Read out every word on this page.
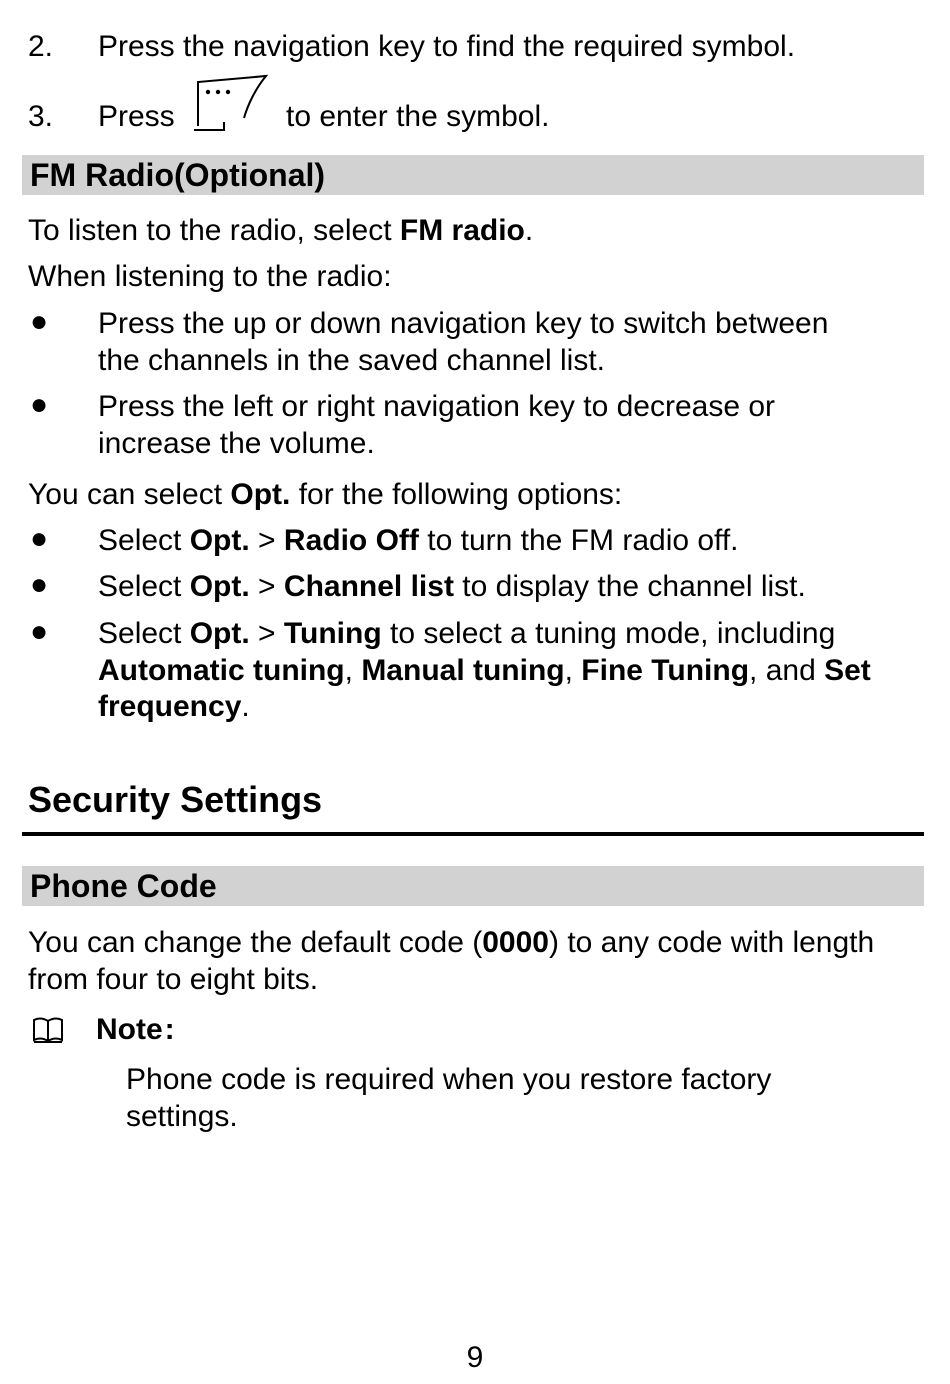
2. Press the navigation key to find the required symbol.
3. Press	to enter the symbol.
FM Radio(Optional)
To listen to the radio, select FM radio.
When listening to the radio:
● Press the up or down navigation key to switch between
the channels in the saved channel list.
● Press the left or right navigation key to decrease or
increase the volume.
You can select Opt. for the following options:
● Select Opt. > Radio Off to turn the FM radio off.
● Select Opt. > Channel list to display the channel list.
● Select Opt. > Tuning to select a tuning mode, including
Automatic tuning, Manual tuning, Fine Tuning, and Set
frequency.
Security Settings
Phone Code
You can change the default code (0000) to any code with length
from four to eight bits.
Note:
Phone code is required when you restore factory
settings.
9
